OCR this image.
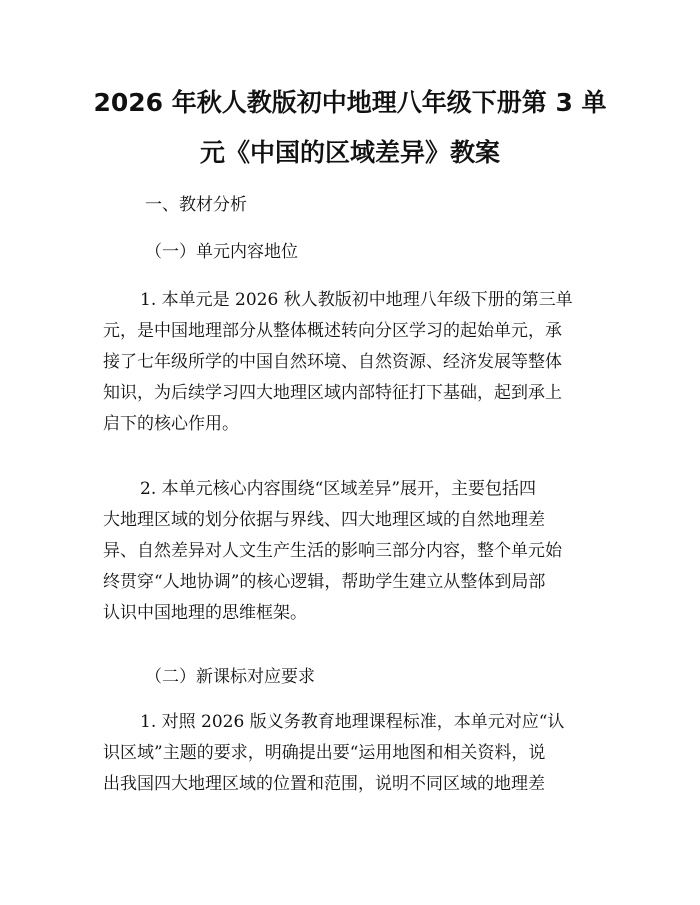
2026 年秋人教版初中地理八年级下册第 3 单
元《中国的区域差异》教案
一、教材分析
（一）单元内容地位
1. 本单元是 2026 秋人教版初中地理八年级下册的第三单
元，是中国地理部分从整体概述转向分区学习的起始单元，承
接了七年级所学的中国自然环境、自然资源、经济发展等整体
知识，为后续学习四大地理区域内部特征打下基础，起到承上
启下的核心作用。
2. 本单元核心内容围绕“区域差异”展开，主要包括四
大地理区域的划分依据与界线、四大地理区域的自然地理差
异、自然差异对人文生产生活的影响三部分内容，整个单元始
终贯穿“人地协调”的核心逻辑，帮助学生建立从整体到局部
认识中国地理的思维框架。
（二）新课标对应要求
1. 对照 2026 版义务教育地理课程标准，本单元对应“认
识区域”主题的要求，明确提出要“运用地图和相关资料，说
出我国四大地理区域的位置和范围，说明不同区域的地理差
